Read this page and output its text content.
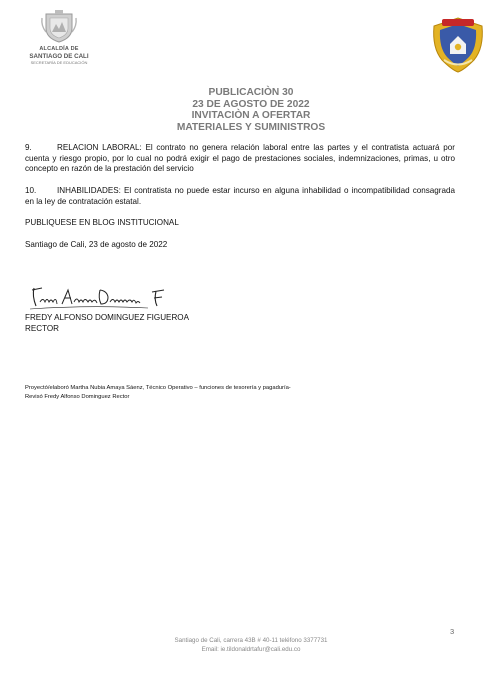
ALCALDÍA DE
SANTIAGO DE CALI
SECRETARÍA DE EDUCACIÓN
PUBLICACIÒN 30
23 DE AGOSTO DE 2022
INVITACIÒN A OFERTAR
MATERIALES Y SUMINISTROS
9.	RELACION LABORAL: El contrato no genera relación laboral entre las partes y el contratista actuará por cuenta y riesgo propio, por lo cual no podrá exigir el pago de prestaciones sociales, indemnizaciones, primas, u otro concepto en razón de la prestación del servicio
10.	INHABILIDADES: El contratista no puede estar incurso en alguna inhabilidad o incompatibilidad consagrada en la ley de contratación estatal.
PUBLIQUESE EN BLOG INSTITUCIONAL
Santiago de Cali, 23 de agosto de 2022
FREDY ALFONSO DOMINGUEZ FIGUEROA
RECTOR
Proyectó/elaboró Martha Nubia Amaya Sáenz, Técnico Operativo – funciones de tesorería y pagaduría-
Revisó Fredy Alfonso Dominguez Rector
3
Santiago de Cali, carrera 43B # 40-11 teléfono 3377731
Email: ie.tildonaldrtafur@cali.edu.co
